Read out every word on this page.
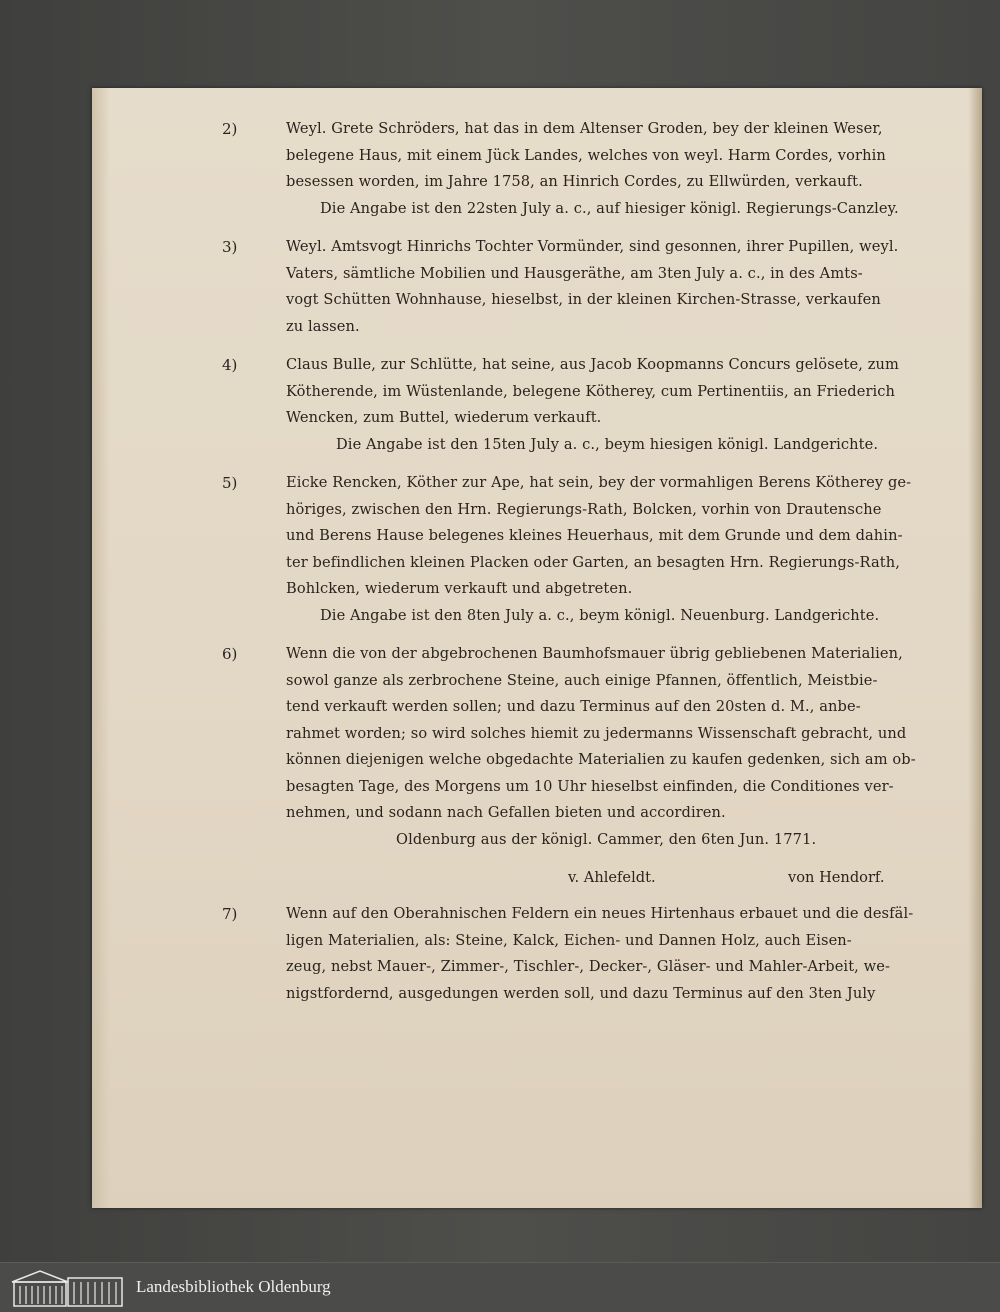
2)	Weyl. Grete Schröders, hat das in dem Altenser Groden, bey der kleinen Weser,

belegene Haus, mit einem Jück Landes, welches von weyl. Harm Cordes, vorhin

besessen worden, im Jahre 1758, an Hinrich Cordes, zu Ellwürden, verkauft.

Die Angabe ist den 22sten July a. c., auf hiesiger königl. Regierungs-Canzley.

3)	Weyl. Amtsvogt Hinrichs Tochter Vormünder, sind gesonnen, ihrer Pupillen, weyl.

Vaters, sämtliche Mobilien und Hausgeräthe, am 3ten July a. c., in des Amts-

vogt Schütten Wohnhause, hieselbst, in der kleinen Kirchen-Strasse, verkaufen

zu lassen.

4)	Claus Bulle, zur Schlütte, hat seine, aus Jacob Koopmanns Concurs gelösete, zum

Kötherende, im Wüstenlande, belegene Kötherey, cum Pertinentiis, an Friederich

Wencken, zum Buttel, wiederum verkauft.

Die Angabe ist den 15ten July a. c., beym hiesigen königl. Landgerichte.

5)	Eicke Rencken, Köther zur Ape, hat sein, bey der vormahligen Berens Kötherey ge-

höriges, zwischen den Hrn. Regierungs-Rath, Bolcken, vorhin von Drautensche

und Berens Hause belegenes kleines Heuerhaus, mit dem Grunde und dem dahin-

ter befindlichen kleinen Placken oder Garten, an besagten Hrn. Regierungs-Rath,

Bohlcken, wiederum verkauft und abgetreten.

Die Angabe ist den 8ten July a. c., beym königl. Neuenburg. Landgerichte.

6)	Wenn die von der abgebrochenen Baumhofsmauer übrig gebliebenen Materialien,

sowol ganze als zerbrochene Steine, auch einige Pfannen, öffentlich, Meistbie-

tend verkauft werden sollen; und dazu Terminus auf den 20sten d. M., anbe-

rahmet worden; so wird solches hiemit zu jedermanns Wissenschaft gebracht, und

können diejenigen welche obgedachte Materialien zu kaufen gedenken, sich am ob-

besagten Tage, des Morgens um 10 Uhr hieselbst einfinden, die Conditiones ver-

nehmen, und sodann nach Gefallen bieten und accordiren.

Oldenburg aus der königl. Cammer, den 6ten Jun. 1771.

v. Ahlefeldt.	von Hendorf.
7)	Wenn auf den Oberahnischen Feldern ein neues Hirtenhaus erbauet und die desfäl-

ligen Materialien, als: Steine, Kalck, Eichen- und Dannen Holz, auch Eisen-

zeug, nebst Mauer-, Zimmer-, Tischler-, Decker-, Gläser- und Mahler-Arbeit, we-

nigstfordernd, ausgedungen werden soll, und dazu Terminus auf den 3ten July

Landesbibliothek Oldenburg
